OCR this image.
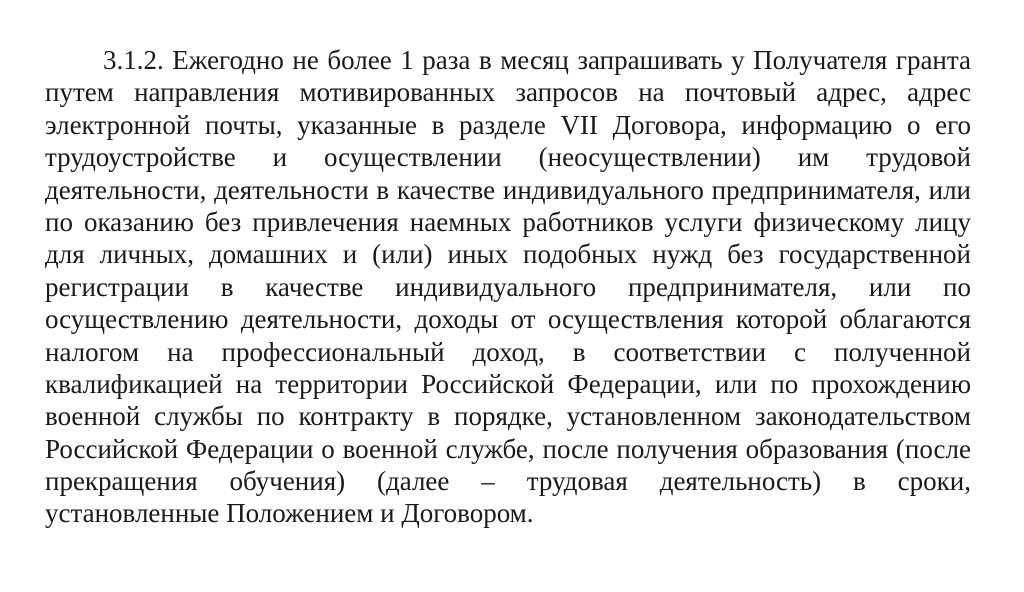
3.1.2. Ежегодно не более 1 раза в месяц запрашивать у Получателя гранта
путем направления мотивированных запросов на почтовый адрес, адрес
электронной почты, указанные в разделе VII Договора, информацию о его
трудоустройстве и осуществлении (неосуществлении) им трудовой
деятельности, деятельности в качестве индивидуального предпринимателя, или
по оказанию без привлечения наемных работников услуги физическому лицу
для личных, домашних и (или) иных подобных нужд без государственной
регистрации в качестве индивидуального предпринимателя, или по
осуществлению деятельности, доходы от осуществления которой облагаются
налогом на профессиональный доход, в соответствии с полученной
квалификацией на территории Российской Федерации, или по прохождению
военной службы по контракту в порядке, установленном законодательством
Российской Федерации о военной службе, после получения образования (после
прекращения обучения) (далее – трудовая деятельность) в сроки,
установленные Положением и Договором.
